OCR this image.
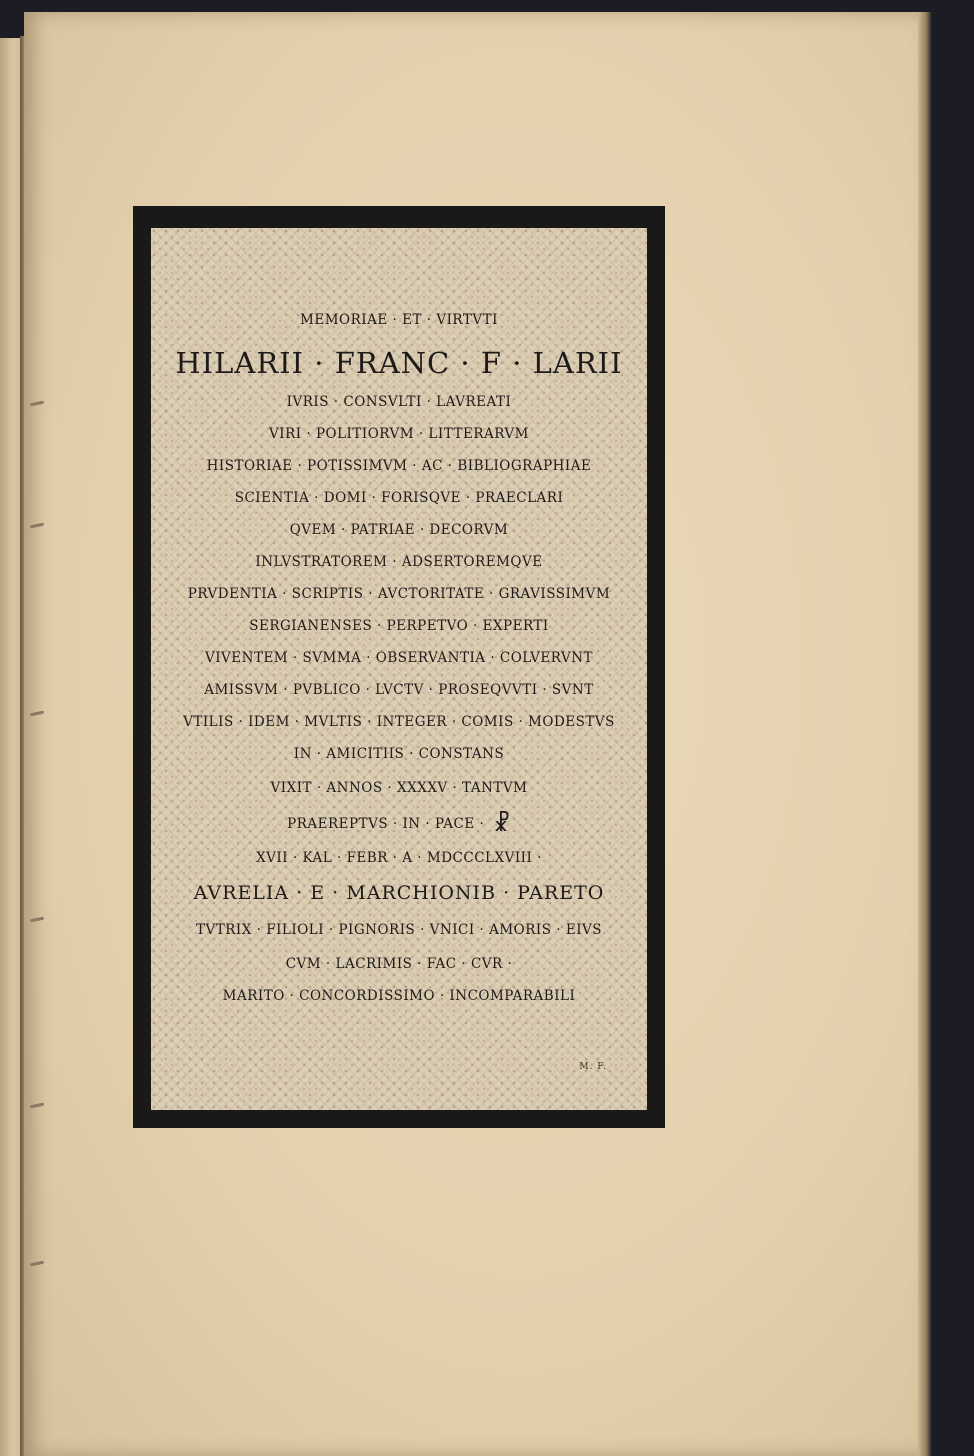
MEMORIAE · ET · VIRTVTI
HILARII · FRANC · F · LARII
IVRIS · CONSVLTI · LAVREATI
VIRI · POLITIORVM · LITTERARVM
HISTORIAE · POTISSIMVM · AC · BIBLIOGRAPHIAE
SCIENTIA · DOMI · FORISQVE · PRAECLARI
QVEM · PATRIAE · DECORVM
INLVSTRATOREM · ADSERTOREMQVE
PRVDENTIA · SCRIPTIS · AVCTORITATE · GRAVISSIMVM
SERGIANENSES · PERPETVO · EXPERTI
VIVENTEM · SVMMA · OBSERVANTIA · COLVERVNT
AMISSVM · PVBLICO · LVCTV · PROSEQVVTI · SVNT
VTILIS · IDEM · MVLTIS · INTEGER · COMIS · MODESTVS
IN · AMICITIIS · CONSTANS
VIXIT · ANNOS · XXXXV · TANTVM
PRAEREPTVS · IN · PACE · ☧
XVII · KAL · FEBR · A · MDCCCLXVIII ·
AVRELIA · E · MARCHIONIB · PARETO
TVTRIX · FILIOLI · PIGNORIS · VNICI · AMORIS · EIVS
CVM · LACRIMIS · FAC · CVR ·
MARITO · CONCORDISSIMO · INCOMPARABILI
M. F.
